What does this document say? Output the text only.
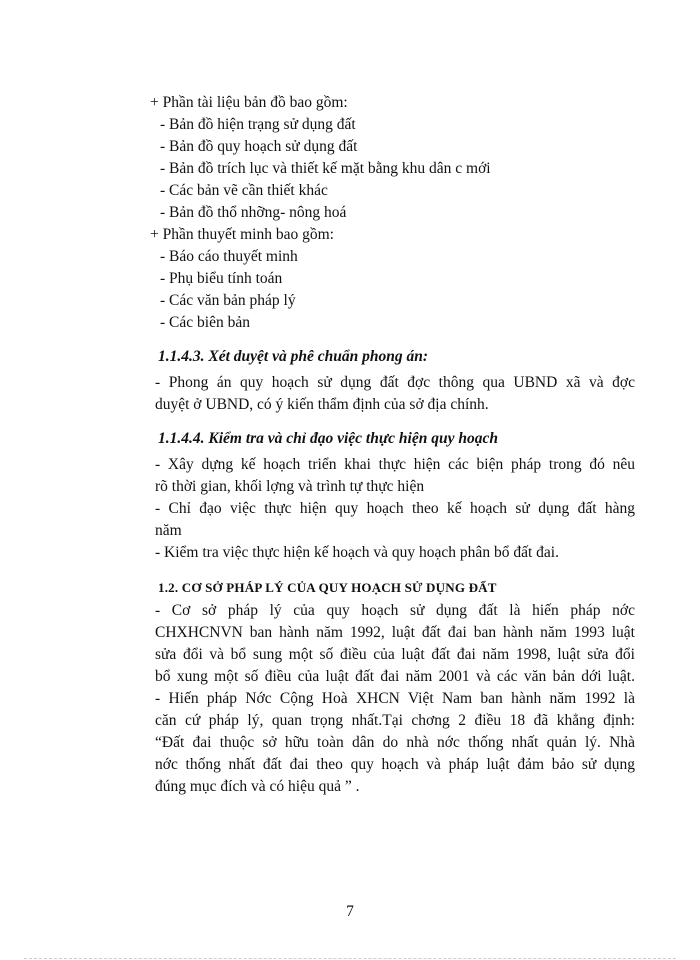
+ Phần tài liệu bản đồ bao gồm:
- Bản đồ hiện trạng sử dụng đất
- Bản đồ quy hoạch sử dụng đất
- Bản đồ trích lục và thiết kế mặt bằng khu dân c mới
- Các bản vẽ cần thiết khác
- Bản đồ thổ nhỡng- nông hoá
+ Phần thuyết minh bao gồm:
- Báo cáo thuyết minh
- Phụ biểu tính toán
- Các văn bản pháp lý
- Các biên bản
1.1.4.3. Xét duyệt và phê chuẩn phong án:
- Phong án quy hoạch sử dụng đất đợc thông qua UBND xã và đợc
duyệt ở UBND, có ý kiến thẩm định của sở địa chính.
1.1.4.4. Kiểm tra và chỉ đạo việc thực hiện quy hoạch
- Xây dựng kế hoạch triển khai thực hiện các biện pháp trong đó nêu
rõ thời gian, khối lợng và trình tự thực hiện
- Chỉ đạo việc thực hiện quy hoạch theo kế hoạch sử dụng đất hàng
năm
- Kiểm tra việc thực hiện kế hoạch và quy hoạch phân bổ đất đai.
1.2. CƠ SỞ PHÁP LÝ CỦA QUY HOẠCH SỬ DỤNG ĐẤT
- Cơ sở pháp lý của quy hoạch sử dụng đất là hiến pháp nớc
CHXHCNVN ban hành năm 1992, luật đất đai ban hành năm 1993 luật
sửa đổi và bổ sung một số điều của luật đất đai năm 1998, luật sửa đổi
bổ xung một số điều của luật đất đai năm 2001 và các văn bản dới luật.
- Hiến pháp Nớc Cộng Hoà XHCN Việt Nam ban hành năm 1992 là
căn cứ pháp lý, quan trọng nhất.Tại chơng 2 điều 18 đã khẳng định:
“Đất đai thuộc sở hữu toàn dân do nhà nớc thống nhất quản lý. Nhà
nớc thống nhất đất đai theo quy hoạch và pháp luật đảm bảo sử dụng
đúng mục đích và có hiệu quả ” .
7
